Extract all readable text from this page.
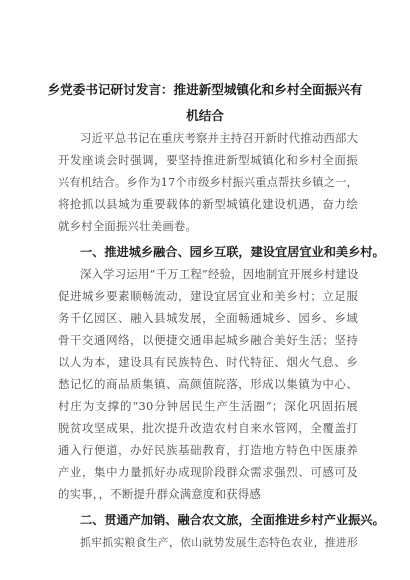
乡党委书记研讨发言：推进新型城镇化和乡村全面振兴有
机结合
习近平总书记在重庆考察并主持召开新时代推动西部大
开发座谈会时强调，要坚持推进新型城镇化和乡村全面振
兴有机结合。乡作为17个市级乡村振兴重点帮扶乡镇之一，
将抢抓以县城为重要载体的新型城镇化建设机遇，奋力绘
就乡村全面振兴壮美画卷。
一、推进城乡融合、园乡互联，建设宜居宜业和美乡村。
深入学习运用“千万工程”经验，因地制宜开展乡村建设
促进城乡要素顺畅流动，建设宜居宜业和美乡村；立足服
务千亿园区、融入县城发展，全面畅通城乡、园乡、乡域
骨干交通网络，以便捷交通串起城乡融合美好生活；坚持
以人为本，建设具有民族特色、时代特征、烟火气息、乡
愁记忆的商品质集镇、高颜值院落，形成以集镇为中心、
村庄为支撑的“30分钟居民生产生活圈”；深化巩固拓展
脱贫攻坚成果，批次提升改造农村自来水管网，全覆盖打
通入行便道，办好民族基础教育，打造地方特色中医康养
产业，集中力量抓好办成现阶段群众需求强烈、可感可及
的实事，，不断提升群众满意度和获得感
二、贯通产加销、融合农文旅，全面推进乡村产业振兴。
抓牢抓实粮食生产，依山就势发展生态特色农业，推进形
